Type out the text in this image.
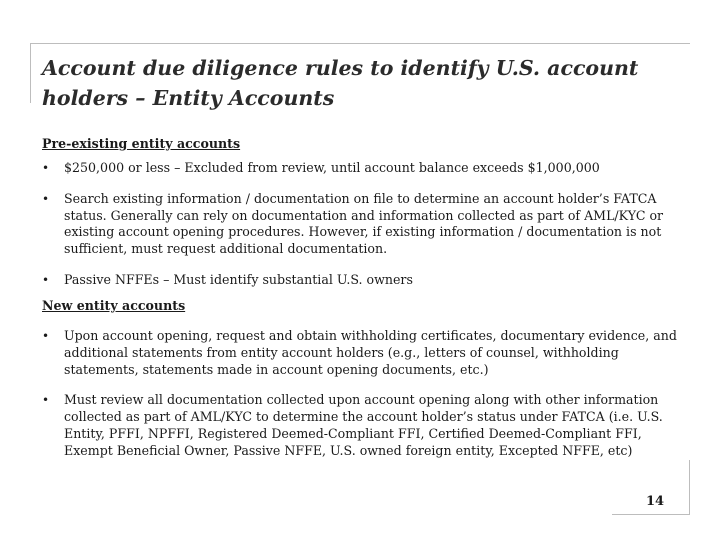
Account due diligence rules to identify U.S. account holders – Entity Accounts
Pre-existing entity accounts
• $250,000 or less – Excluded from review, until account balance exceeds $1,000,000
• Search existing information / documentation on file to determine an account holder’s FATCA status. Generally can rely on documentation and information collected as part of AML/KYC or existing account opening procedures. However, if existing information / documentation is not sufficient, must request additional documentation.
• Passive NFFEs – Must identify substantial U.S. owners
New entity accounts
• Upon account opening, request and obtain withholding certificates, documentary evidence, and additional statements from entity account holders (e.g., letters of counsel, withholding statements, statements made in account opening documents, etc.)
• Must review all documentation collected upon account opening along with other information collected as part of AML/KYC to determine the account holder’s status under FATCA (i.e. U.S. Entity, PFFI, NPFFI, Registered Deemed-Compliant FFI, Certified Deemed-Compliant FFI, Exempt Beneficial Owner, Passive NFFE, U.S. owned foreign entity, Excepted NFFE, etc)
14
